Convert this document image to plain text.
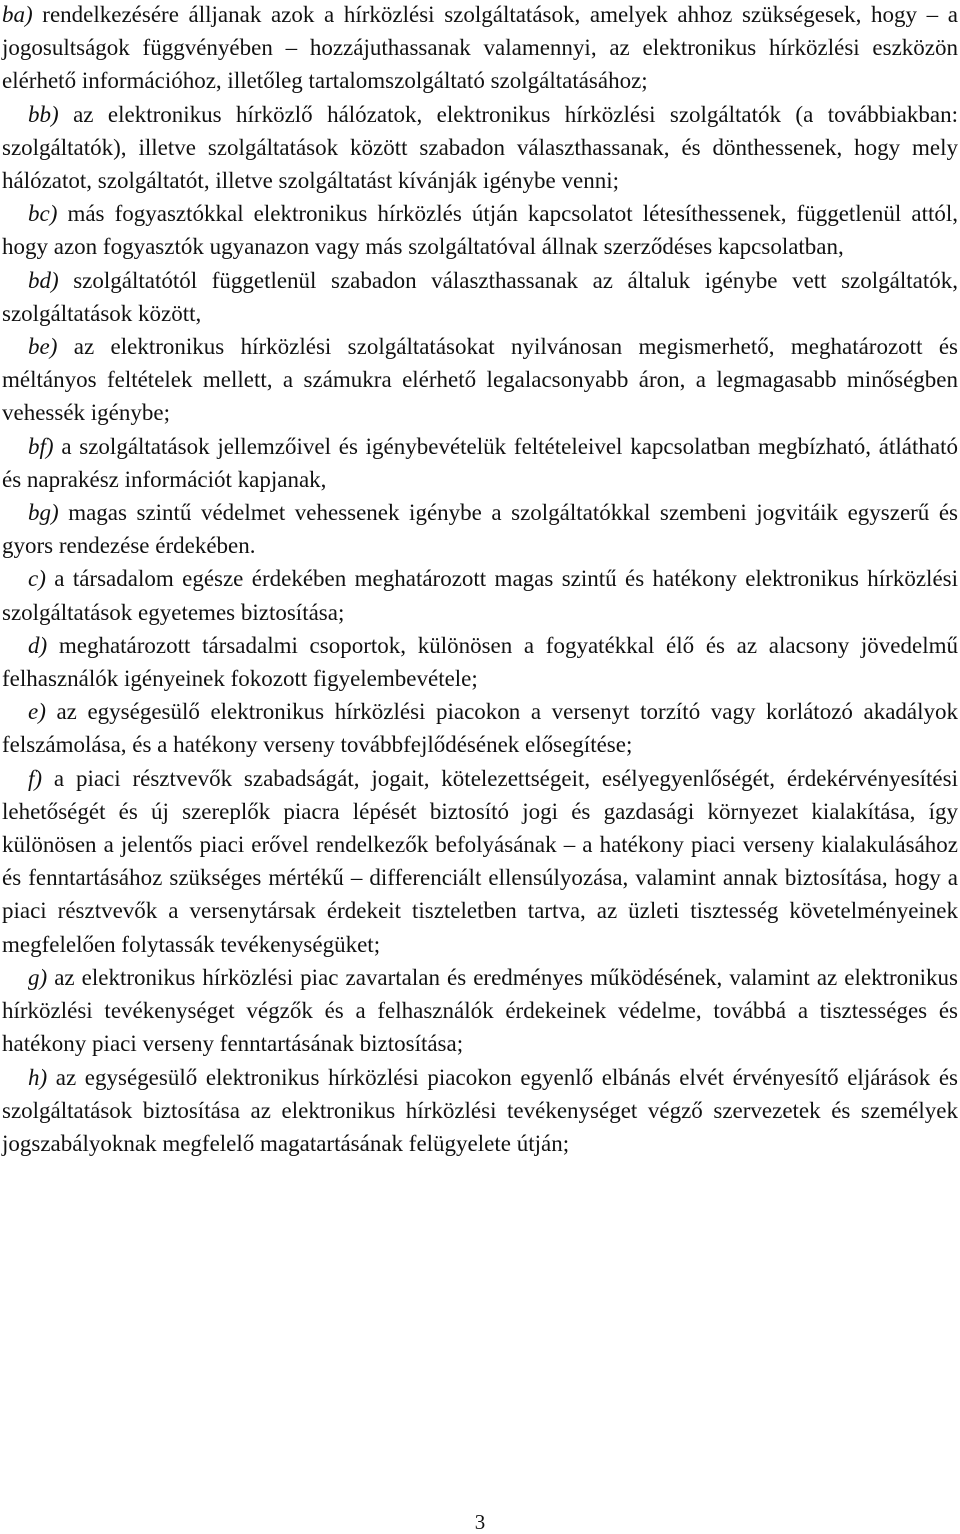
ba) rendelkezésére álljanak azok a hírközlési szolgáltatások, amelyek ahhoz szükségesek, hogy – a jogosultságok függvényében – hozzájuthassanak valamennyi, az elektronikus hírközlési eszközön elérhető információhoz, illetőleg tartalomszolgáltató szolgáltatásához;

bb) az elektronikus hírközlő hálózatok, elektronikus hírközlési szolgáltatók (a továbbiakban: szolgáltatók), illetve szolgáltatások között szabadon választhassanak, és dönthessenek, hogy mely hálózatot, szolgáltatót, illetve szolgáltatást kívánják igénybe venni;

bc) más fogyasztókkal elektronikus hírközlés útján kapcsolatot létesíthessenek, függetlenül attól, hogy azon fogyasztók ugyanazon vagy más szolgáltatóval állnak szerződéses kapcsolatban,

bd) szolgáltatótól függetlenül szabadon választhassanak az általuk igénybe vett szolgáltatók, szolgáltatások között,

be) az elektronikus hírközlési szolgáltatásokat nyilvánosan megismerhető, meghatározott és méltányos feltételek mellett, a számukra elérhető legalacsonyabb áron, a legmagasabb minőségben vehessék igénybe;

bf) a szolgáltatások jellemzőivel és igénybevételük feltételeivel kapcsolatban megbízható, átlátható és naprakész információt kapjanak,

bg) magas szintű védelmet vehessenek igénybe a szolgáltatókkal szembeni jogvitáik egyszerű és gyors rendezése érdekében.

c) a társadalom egésze érdekében meghatározott magas szintű és hatékony elektronikus hírközlési szolgáltatások egyetemes biztosítása;

d) meghatározott társadalmi csoportok, különösen a fogyatékkal élő és az alacsony jövedelmű felhasználók igényeinek fokozott figyelembevétele;

e) az egységesülő elektronikus hírközlési piacokon a versenyt torzító vagy korlátozó akadályok felszámolása, és a hatékony verseny továbbfejlődésének elősegítése;

f) a piaci résztvevők szabadságát, jogait, kötelezettségeit, esélyegyenlőségét, érdekérvényesítési lehetőségét és új szereplők piacra lépését biztosító jogi és gazdasági környezet kialakítása, így különösen a jelentős piaci erővel rendelkezők befolyásának – a hatékony piaci verseny kialakulásához és fenntartásához szükséges mértékű – differenciált ellensúlyozása, valamint annak biztosítása, hogy a piaci résztvevők a versenytársak érdekeit tiszteletben tartva, az üzleti tisztesség követelményeinek megfelelően folytassák tevékenységüket;

g) az elektronikus hírközlési piac zavartalan és eredményes működésének, valamint az elektronikus hírközlési tevékenységet végzők és a felhasználók érdekeinek védelme, továbbá a tisztességes és hatékony piaci verseny fenntartásának biztosítása;

h) az egységesülő elektronikus hírközlési piacokon egyenlő elbánás elvét érvényesítő eljárások és szolgáltatások biztosítása az elektronikus hírközlési tevékenységet végző szervezetek és személyek jogszabályoknak megfelelő magatartásának felügyelete útján;

3
